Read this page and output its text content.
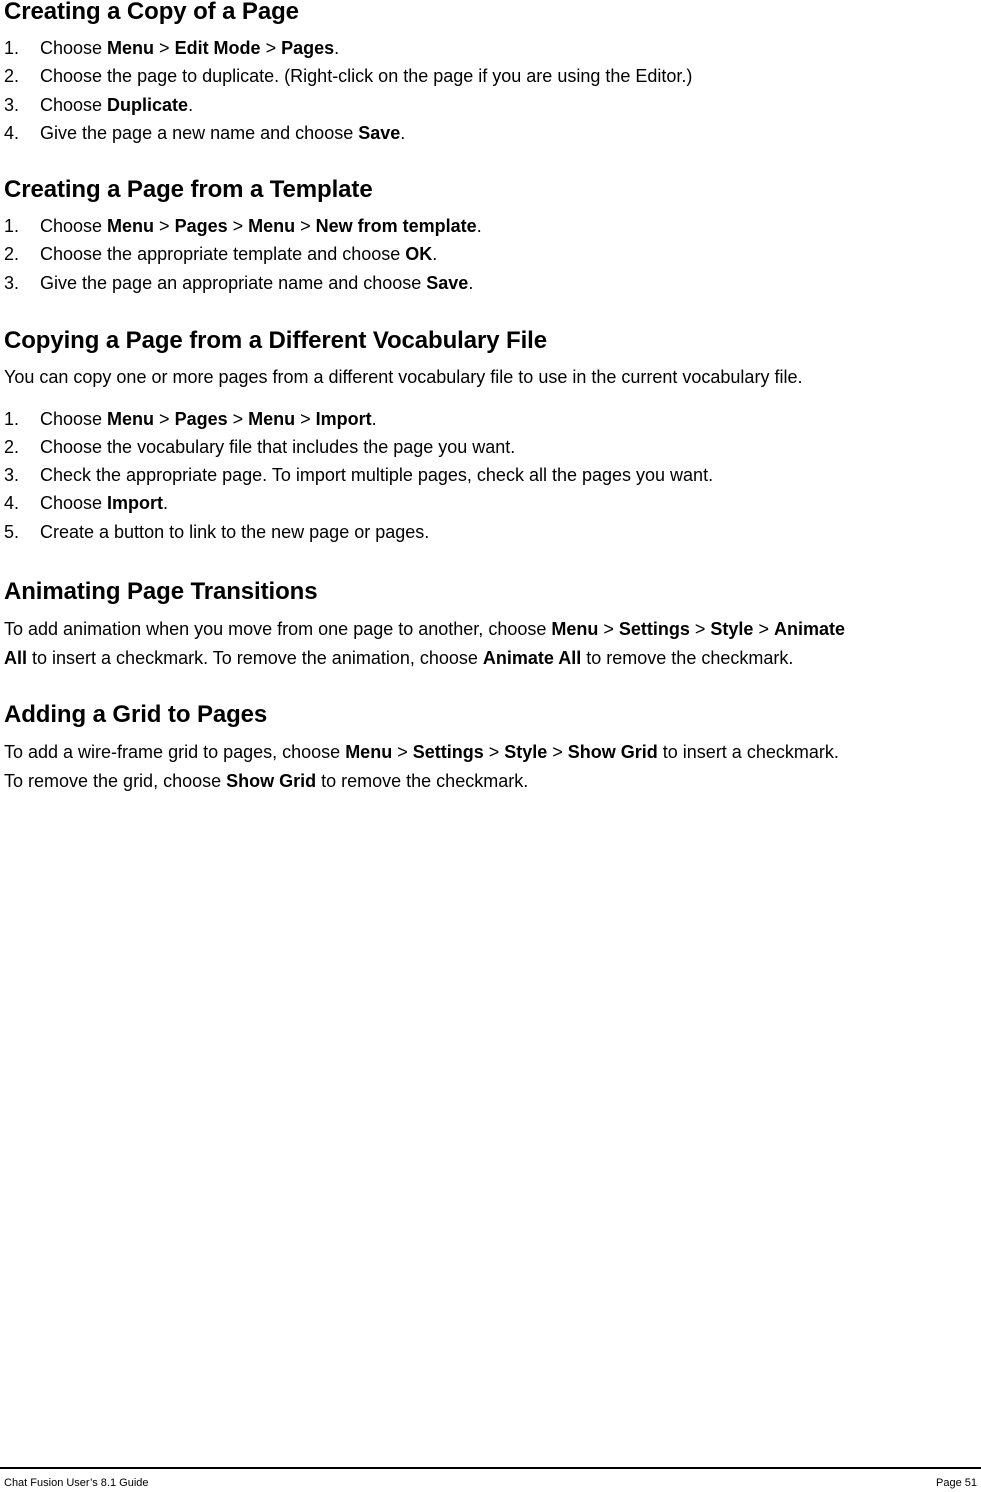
Creating a Copy of a Page
1. Choose Menu > Edit Mode > Pages.
2. Choose the page to duplicate. (Right-click on the page if you are using the Editor.)
3. Choose Duplicate.
4. Give the page a new name and choose Save.
Creating a Page from a Template
1. Choose Menu > Pages > Menu > New from template.
2. Choose the appropriate template and choose OK.
3. Give the page an appropriate name and choose Save.
Copying a Page from a Different Vocabulary File

You can copy one or more pages from a different vocabulary file to use in the current vocabulary file.

1. Choose Menu > Pages > Menu > Import.
2. Choose the vocabulary file that includes the page you want.
3. Check the appropriate page. To import multiple pages, check all the pages you want.
4. Choose Import.
5. Create a button to link to the new page or pages.
Animating Page Transitions

To add animation when you move from one page to another, choose Menu > Settings > Style > Animate
All to insert a checkmark. To remove the animation, choose Animate All to remove the checkmark.

Adding a Grid to Pages

To add a wire-frame grid to pages, choose Menu > Settings > Style > Show Grid to insert a checkmark.
To remove the grid, choose Show Grid to remove the checkmark.

Chat Fusion User’s 8.1 Guide	Page 51
